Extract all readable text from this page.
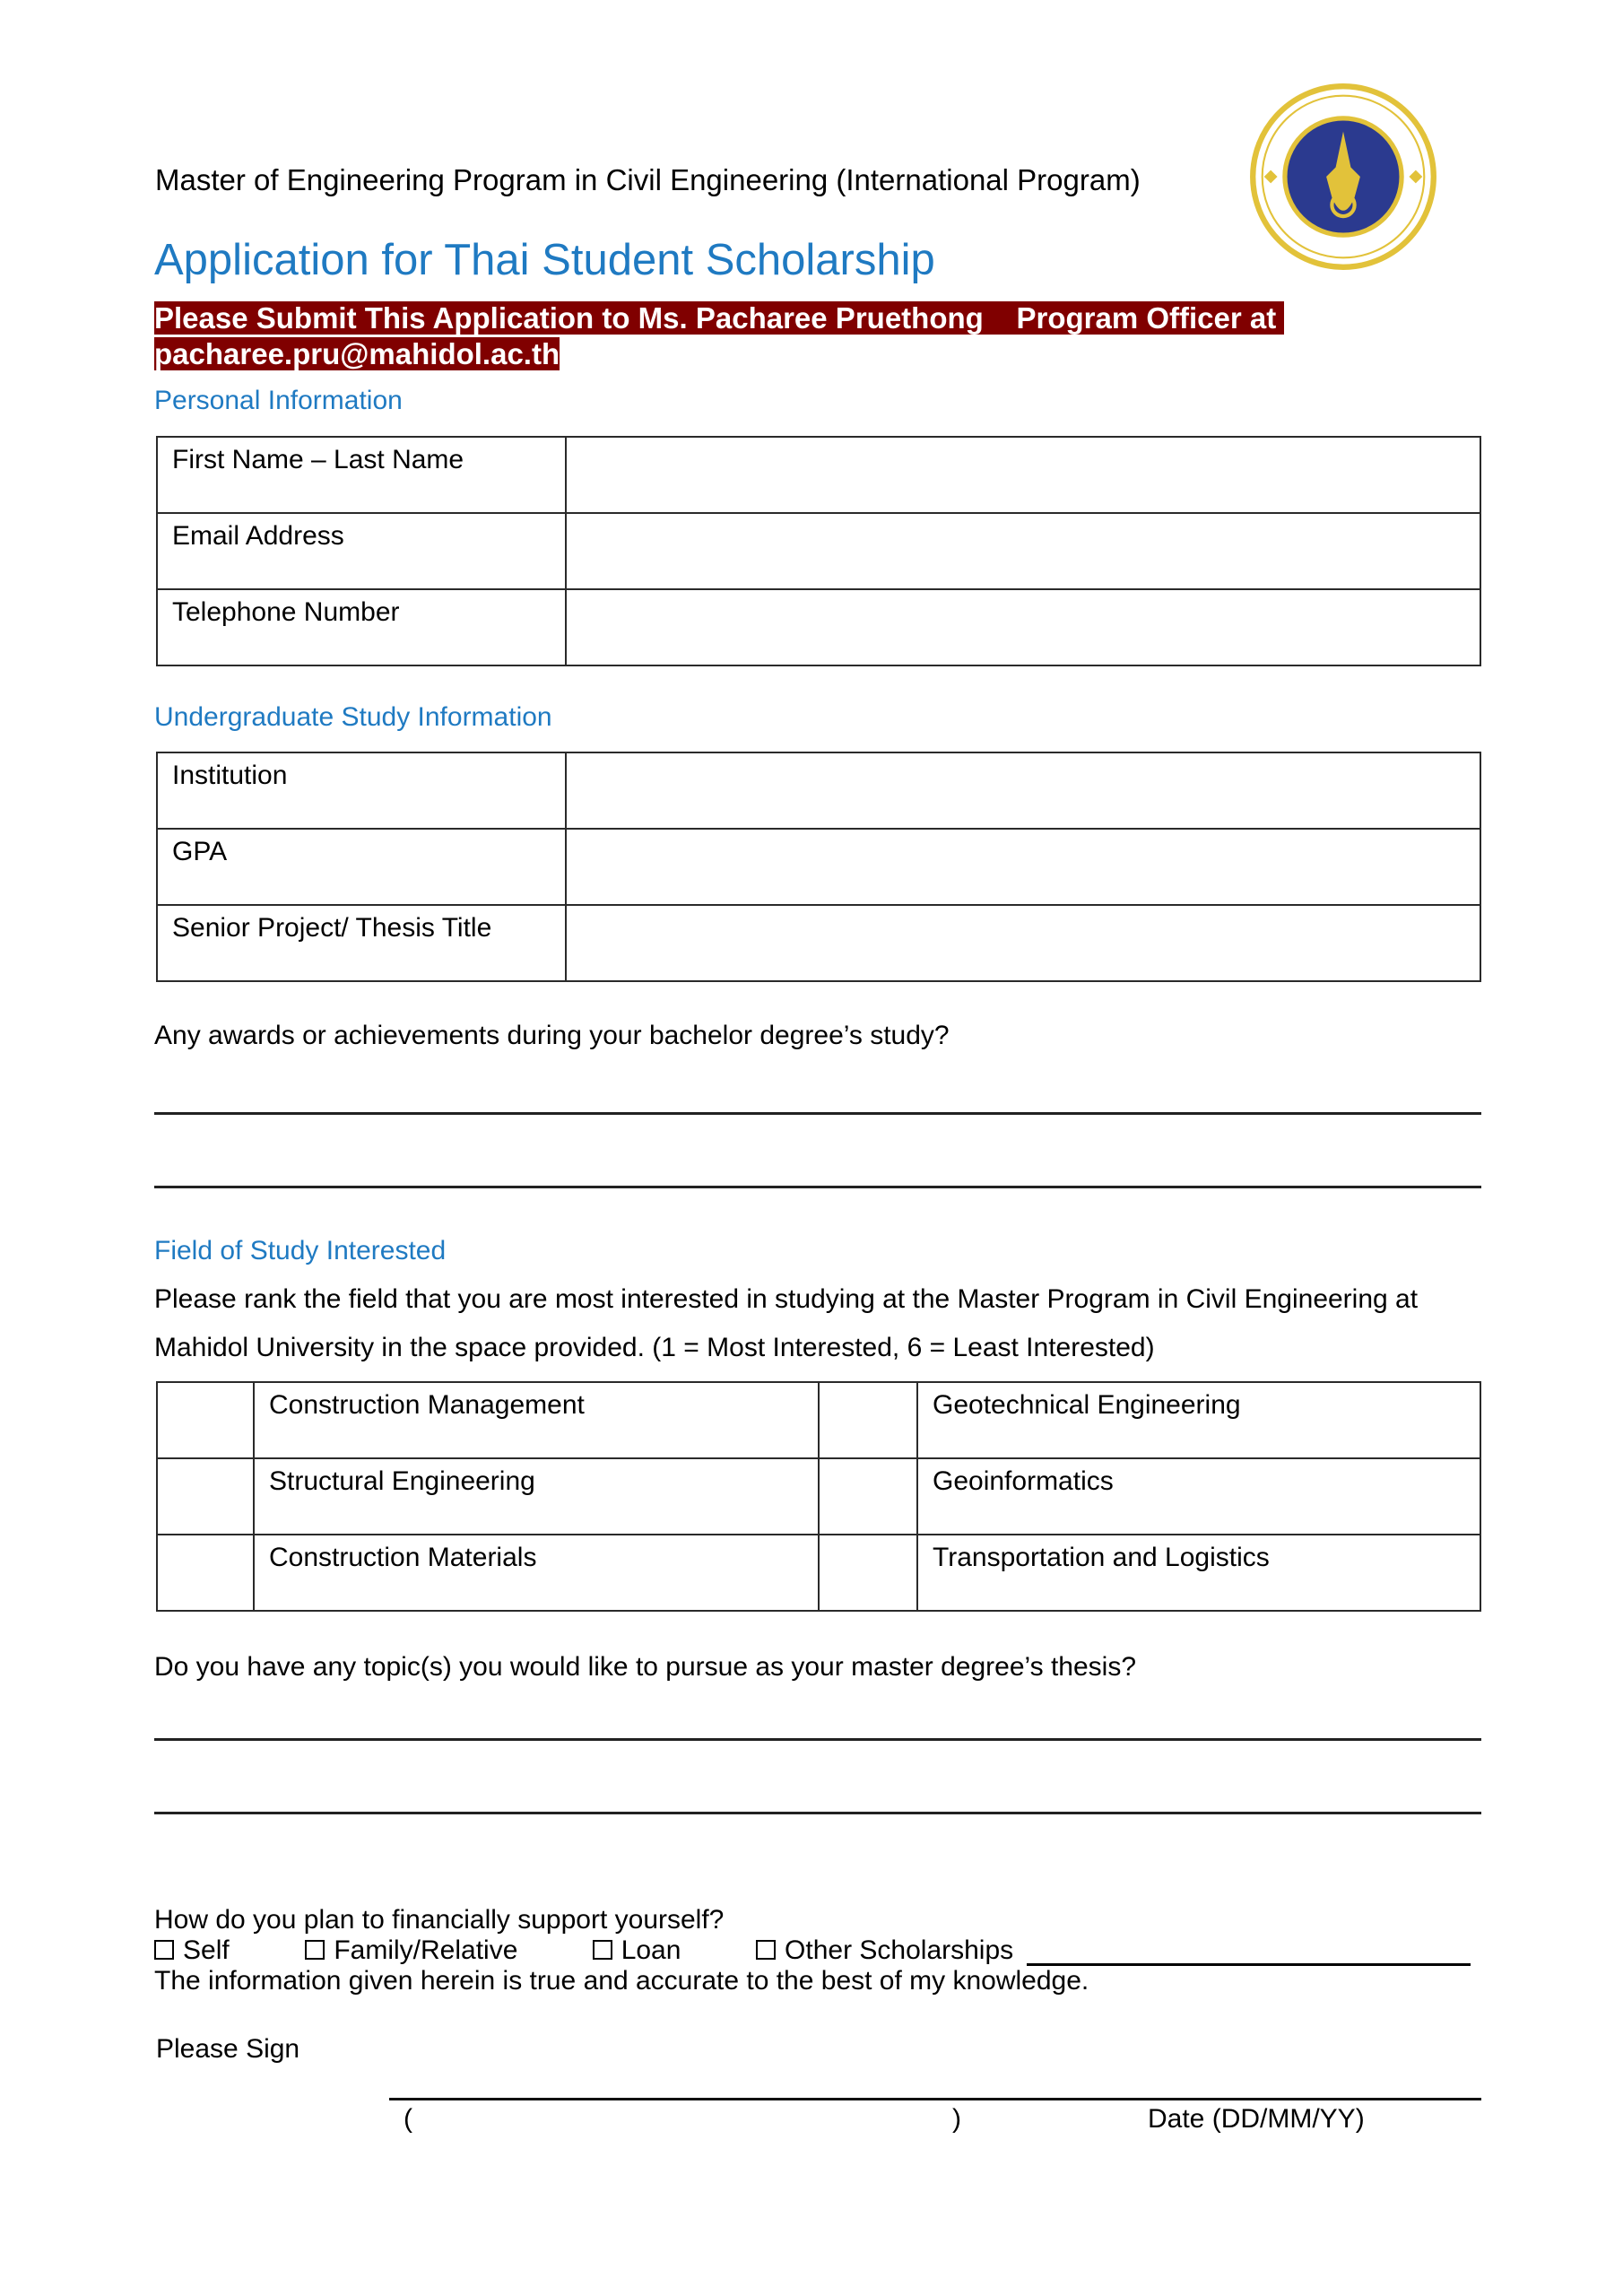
Master of Engineering Program in Civil Engineering (International Program)
Application for Thai Student Scholarship
Please Submit This Application to Ms. Pacharee Pruethong    Program Officer at pacharee.pru@mahidol.ac.th
Personal Information
First Name – Last Name	
Email Address	
Telephone Number	
Undergraduate Study Information
Institution	
GPA	
Senior Project/ Thesis Title	
Any awards or achievements during your bachelor degree’s study?
Field of Study Interested
Please rank the field that you are most interested in studying at the Master Program in Civil Engineering at
Mahidol University in the space provided. (1 = Most Interested, 6 = Least Interested)
	Construction Management		Geotechnical Engineering
	Structural Engineering		Geoinformatics
	Construction Materials		Transportation and Logistics
Do you have any topic(s) you would like to pursue as your master degree’s thesis?
How do you plan to financially support yourself?
Self	Family/Relative	Loan	Other Scholarships
The information given herein is true and accurate to the best of my knowledge.
Please Sign
(	)	Date (DD/MM/YY)
